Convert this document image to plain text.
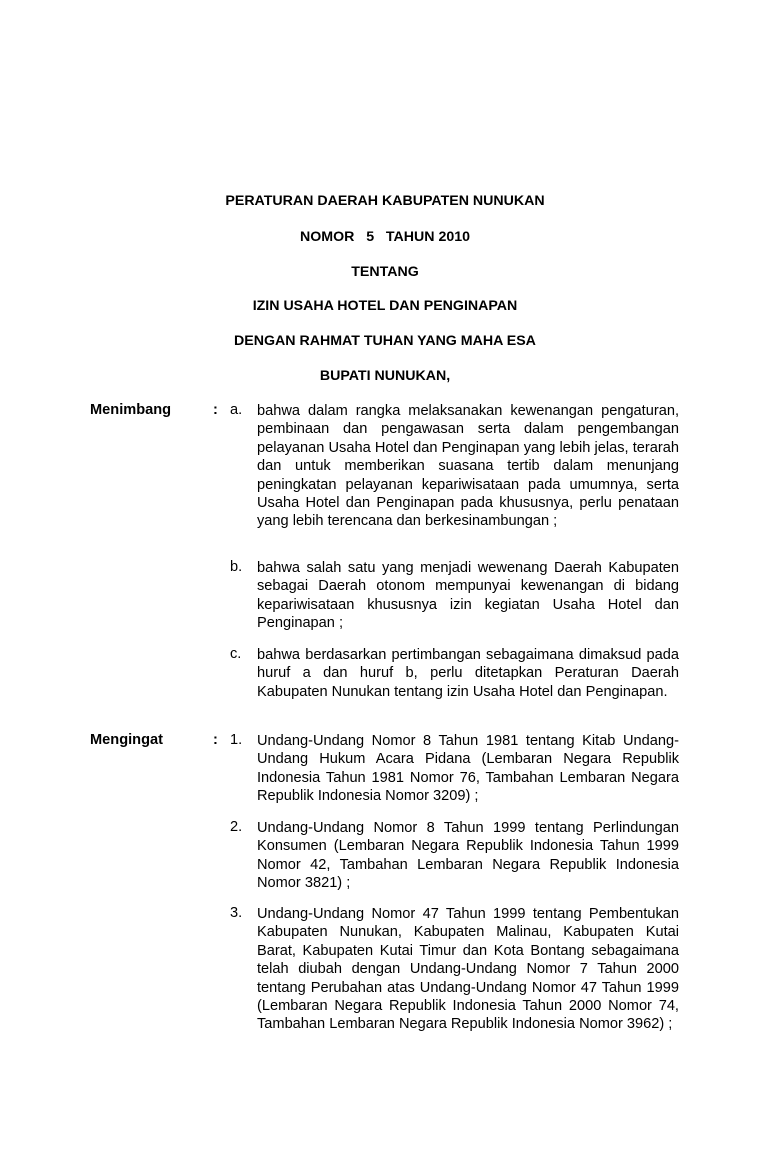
PERATURAN DAERAH KABUPATEN NUNUKAN
NOMOR   5   TAHUN 2010
TENTANG
IZIN USAHA HOTEL DAN PENGINAPAN
DENGAN RAHMAT TUHAN YANG MAHA ESA
BUPATI NUNUKAN,
Menimbang	: a. bahwa dalam rangka melaksanakan kewenangan pengaturan, pembinaan dan pengawasan serta dalam pengembangan pelayanan Usaha Hotel dan Penginapan yang lebih jelas, terarah dan untuk memberikan suasana tertib dalam menunjang peningkatan pelayanan kepariwisataan pada umumnya, serta Usaha Hotel dan Penginapan pada khususnya, perlu penataan yang lebih terencana dan berkesinambungan ;
b. bahwa salah satu yang menjadi wewenang Daerah Kabupaten sebagai Daerah otonom mempunyai kewenangan di bidang kepariwisataan khususnya izin kegiatan Usaha Hotel dan Penginapan ;
c. bahwa berdasarkan pertimbangan sebagaimana dimaksud pada huruf a dan huruf b, perlu ditetapkan Peraturan Daerah Kabupaten Nunukan tentang izin Usaha Hotel dan Penginapan.
Mengingat	: 1. Undang-Undang Nomor 8 Tahun 1981 tentang Kitab Undang-Undang Hukum Acara Pidana (Lembaran Negara Republik Indonesia Tahun 1981 Nomor 76, Tambahan Lembaran Negara Republik Indonesia Nomor 3209) ;
2. Undang-Undang Nomor 8 Tahun 1999 tentang Perlindungan Konsumen (Lembaran Negara Republik Indonesia Tahun 1999 Nomor 42, Tambahan Lembaran Negara Republik Indonesia Nomor 3821) ;
3. Undang-Undang Nomor 47 Tahun 1999 tentang Pembentukan Kabupaten Nunukan, Kabupaten Malinau, Kabupaten Kutai Barat, Kabupaten Kutai Timur dan Kota Bontang sebagaimana telah diubah dengan Undang-Undang Nomor 7 Tahun 2000 tentang Perubahan atas Undang-Undang Nomor 47 Tahun 1999 (Lembaran Negara Republik Indonesia Tahun 2000 Nomor 74, Tambahan Lembaran Negara Republik Indonesia Nomor 3962) ;
